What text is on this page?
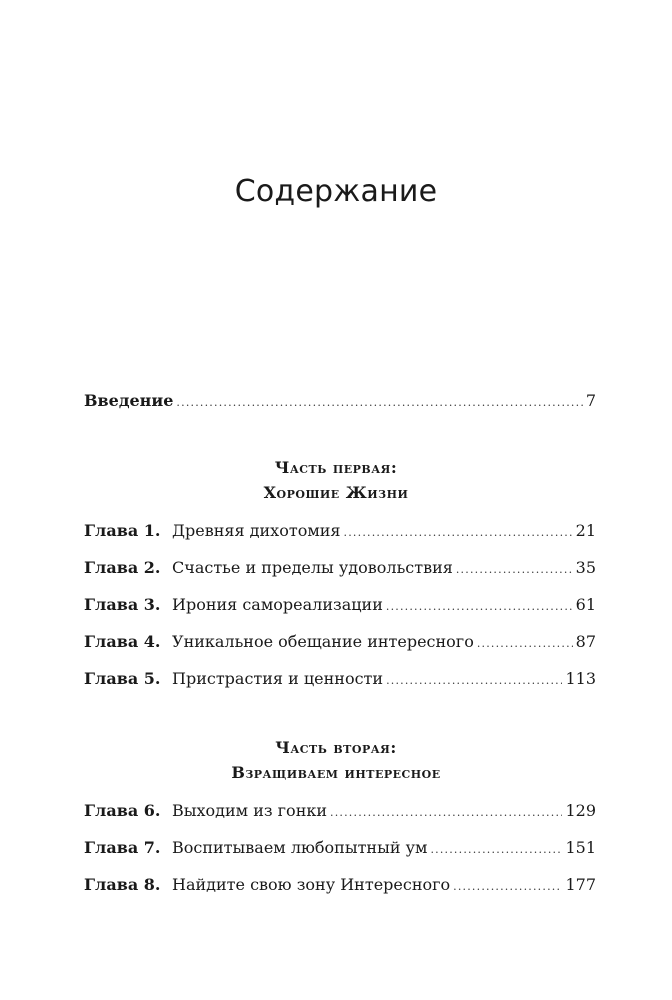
Содержание
Введение .....	7
Часть первая:
Хорошие Жизни
Глава 1. Древняя дихотомия .....	21
Глава 2. Счастье и пределы удовольствия .....	35
Глава 3. Ирония самореализации .....	61
Глава 4. Уникальное обещание интересного .....	87
Глава 5. Пристрастия и ценности .....	113
Часть вторая:
Взращиваем интересное
Глава 6. Выходим из гонки .....	129
Глава 7. Воспитываем любопытный ум .....	151
Глава 8. Найдите свою зону Интересного .....	177
